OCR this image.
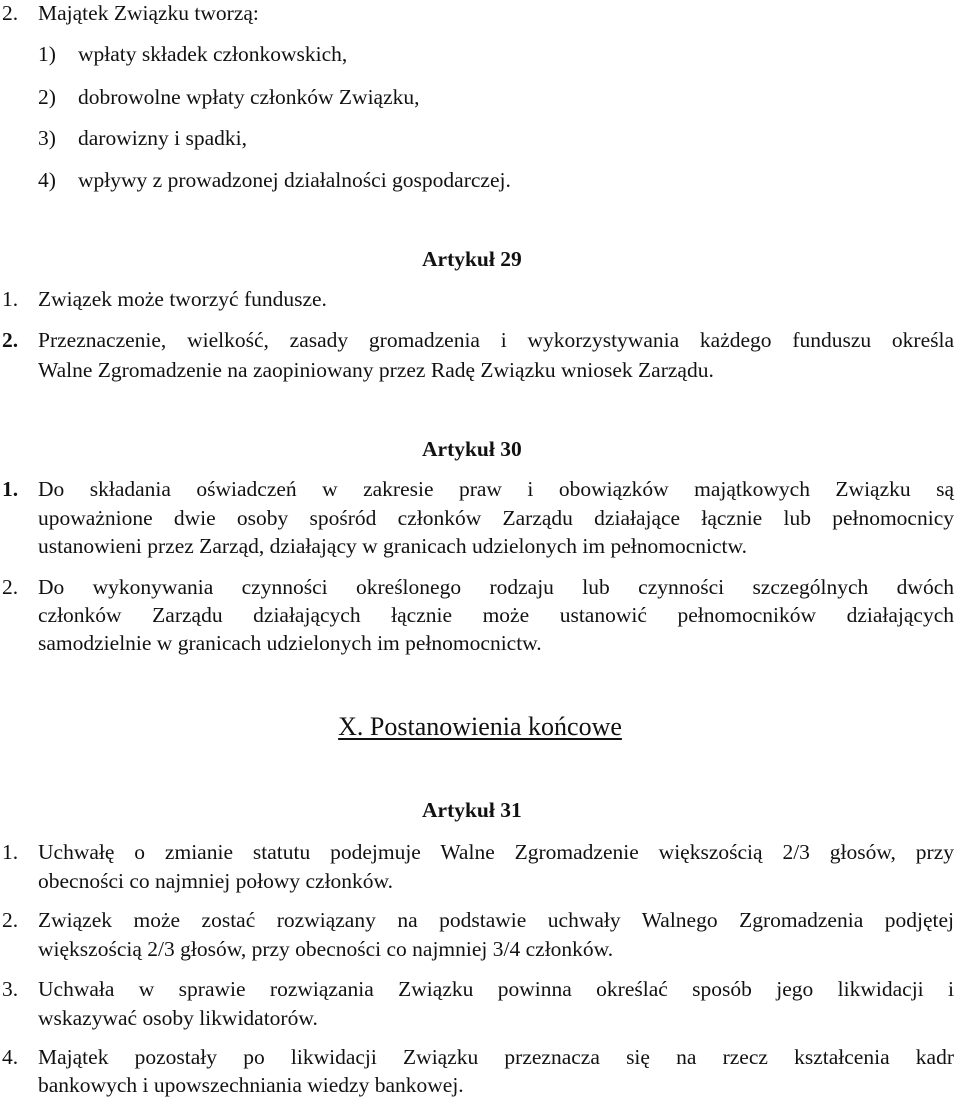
2. Majątek Związku tworzą:
1) wpłaty składek członkowskich,
2) dobrowolne wpłaty członków Związku,
3) darowizny i spadki,
4) wpływy z prowadzonej działalności gospodarczej.
Artykuł 29
1. Związek może tworzyć fundusze.
2. Przeznaczenie, wielkość, zasady gromadzenia i wykorzystywania każdego funduszu określa
Walne Zgromadzenie na zaopiniowany przez Radę Związku wniosek Zarządu.
Artykuł 30
1. Do składania oświadczeń w zakresie praw i obowiązków majątkowych Związku są
upoważnione dwie osoby spośród członków Zarządu działające łącznie lub pełnomocnicy
ustanowieni przez Zarząd, działający w granicach udzielonych im pełnomocnictw.
2. Do wykonywania czynności określonego rodzaju lub czynności szczególnych dwóch
członków Zarządu działających łącznie może ustanowić pełnomocników działających
samodzielnie w granicach udzielonych im pełnomocnictw.
X. Postanowienia końcowe
Artykuł 31
1. Uchwałę o zmianie statutu podejmuje Walne Zgromadzenie większością 2/3 głosów, przy
obecności co najmniej połowy członków.
2. Związek może zostać rozwiązany na podstawie uchwały Walnego Zgromadzenia podjętej
większością 2/3 głosów, przy obecności co najmniej 3/4 członków.
3. Uchwała w sprawie rozwiązania Związku powinna określać sposób jego likwidacji i
wskazywać osoby likwidatorów.
4. Majątek pozostały po likwidacji Związku przeznacza się na rzecz kształcenia kadr
bankowych i upowszechniania wiedzy bankowej.
